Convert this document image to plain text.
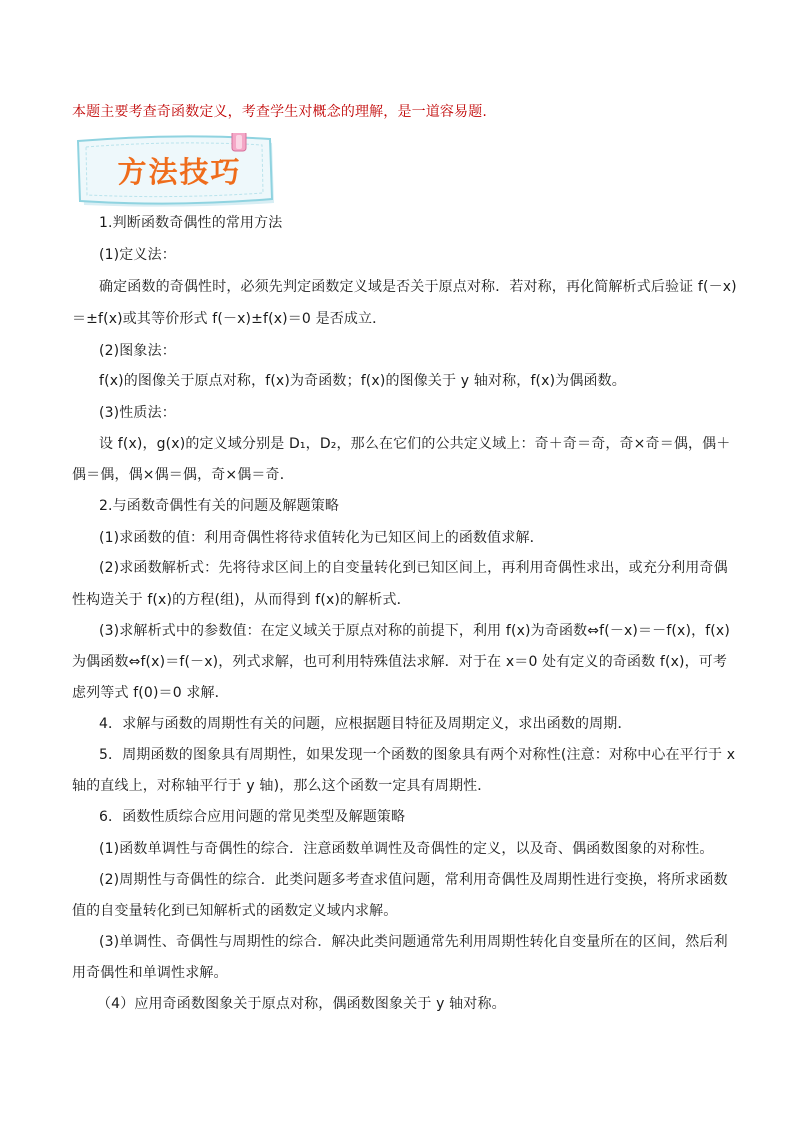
本题主要考查奇函数定义，考查学生对概念的理解，是一道容易题.
方法技巧
1.判断函数奇偶性的常用方法
(1)定义法：
确定函数的奇偶性时，必须先判定函数定义域是否关于原点对称．若对称，再化简解析式后验证 f(－x)
＝±f(x)或其等价形式 f(－x)±f(x)＝0 是否成立．
(2)图象法：
f(x)的图像关于原点对称，f(x)为奇函数；f(x)的图像关于 y 轴对称，f(x)为偶函数。
(3)性质法：
设 f(x)，g(x)的定义域分别是 D₁，D₂，那么在它们的公共定义域上：奇＋奇＝奇，奇×奇＝偶，偶＋
偶＝偶，偶×偶＝偶，奇×偶＝奇．
2.与函数奇偶性有关的问题及解题策略
(1)求函数的值：利用奇偶性将待求值转化为已知区间上的函数值求解．
(2)求函数解析式：先将待求区间上的自变量转化到已知区间上，再利用奇偶性求出，或充分利用奇偶
性构造关于 f(x)的方程(组)，从而得到 f(x)的解析式．
(3)求解析式中的参数值：在定义域关于原点对称的前提下，利用 f(x)为奇函数⇔f(－x)＝－f(x)，f(x)
为偶函数⇔f(x)＝f(－x)，列式求解，也可利用特殊值法求解．对于在 x＝0 处有定义的奇函数 f(x)，可考
虑列等式 f(0)＝0 求解．
4．求解与函数的周期性有关的问题，应根据题目特征及周期定义，求出函数的周期．
5．周期函数的图象具有周期性，如果发现一个函数的图象具有两个对称性(注意：对称中心在平行于 x
轴的直线上，对称轴平行于 y 轴)，那么这个函数一定具有周期性．
6．函数性质综合应用问题的常见类型及解题策略
(1)函数单调性与奇偶性的综合．注意函数单调性及奇偶性的定义，以及奇、偶函数图象的对称性。
(2)周期性与奇偶性的综合．此类问题多考查求值问题，常利用奇偶性及周期性进行变换，将所求函数
值的自变量转化到已知解析式的函数定义域内求解。
(3)单调性、奇偶性与周期性的综合．解决此类问题通常先利用周期性转化自变量所在的区间，然后利
用奇偶性和单调性求解。
（4）应用奇函数图象关于原点对称，偶函数图象关于 y 轴对称。
